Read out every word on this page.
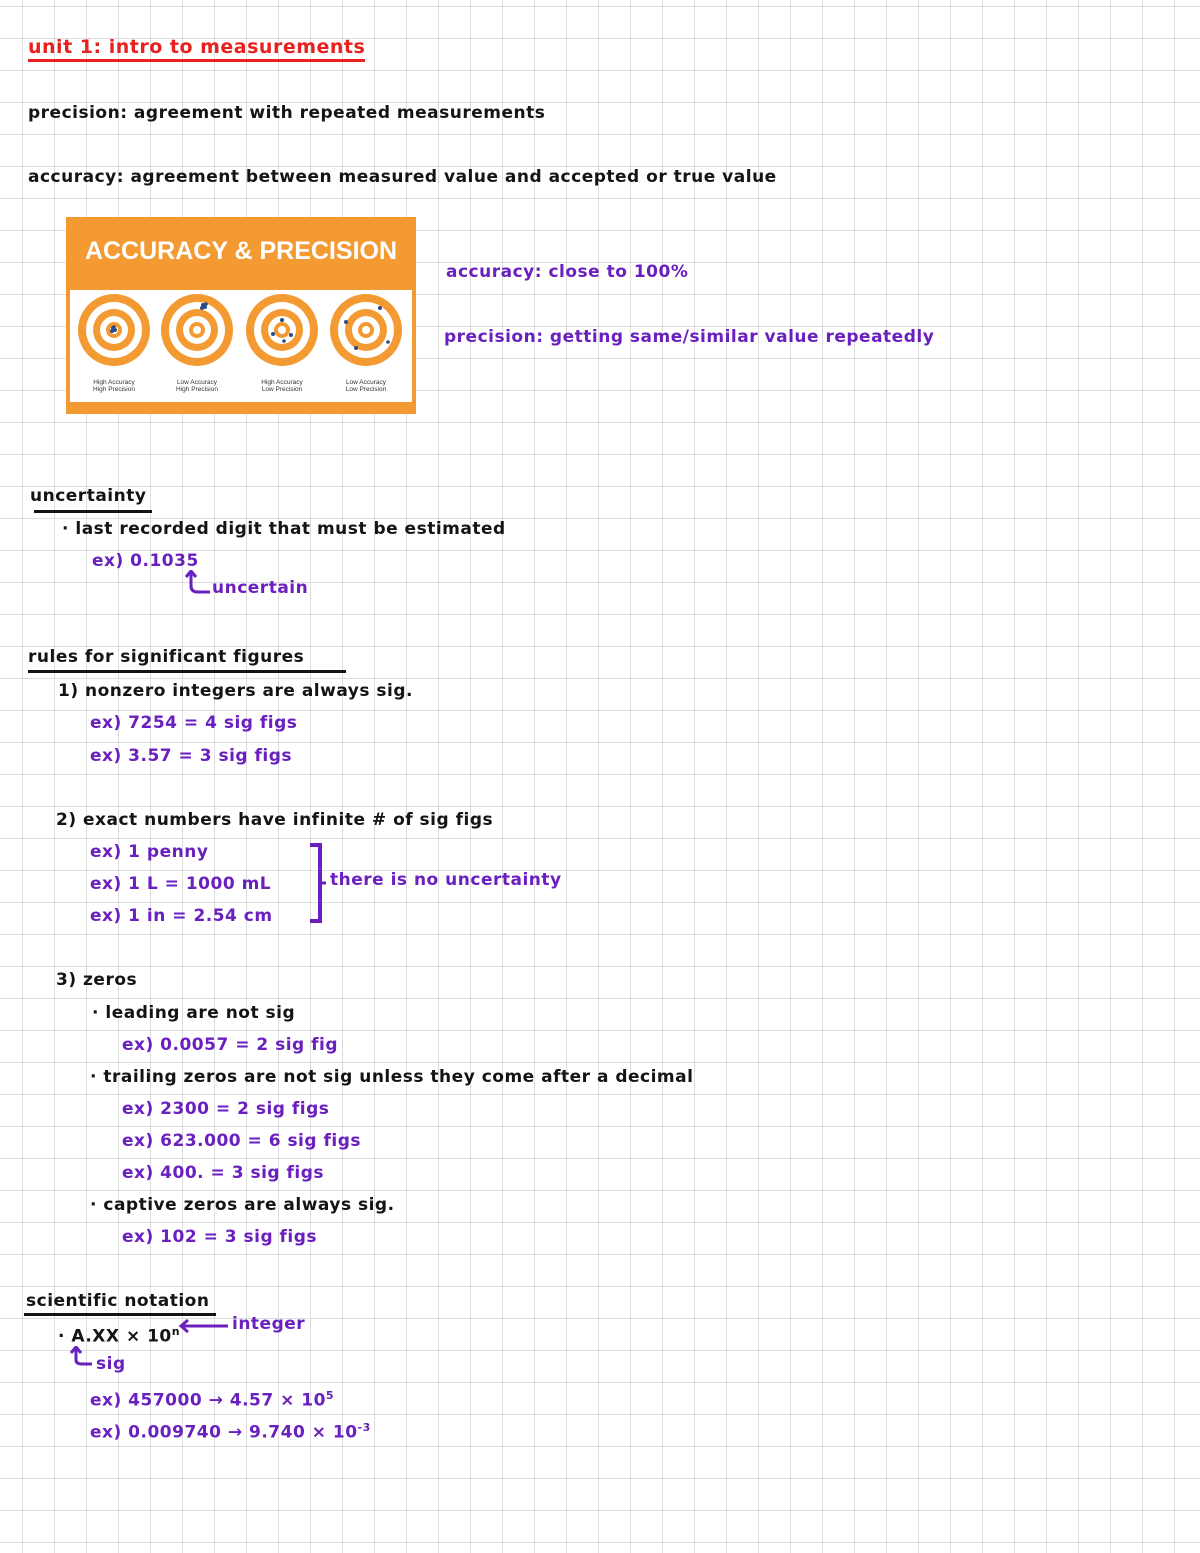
unit 1: intro to measurements
precision: agreement with repeated measurements
accuracy: agreement between measured value and accepted or true value
ACCURACY & PRECISION
High Accuracy
High Precision
Low Accuracy
High Precision
High Accuracy
Low Precision
Low Accuracy
Low Precision
accuracy: close to 100%
precision: getting same/similar value repeatedly
uncertainty
· last recorded digit that must be estimated
ex) 0.1035
uncertain
rules for significant figures
1) nonzero integers are always sig.
ex) 7254 = 4 sig figs
ex) 3.57 = 3 sig figs
2) exact numbers have infinite # of sig figs
ex) 1 penny
ex) 1 L = 1000 mL
ex) 1 in = 2.54 cm
there is no uncertainty
3) zeros
· leading are not sig
ex) 0.0057 = 2 sig fig
· trailing zeros are not sig unless they come after a decimal
ex) 2300 = 2 sig figs
ex) 623.000 = 6 sig figs
ex) 400. = 3 sig figs
· captive zeros are always sig.
ex) 102 = 3 sig figs
scientific notation
· $A.XX \times 10^n$	integer
sig
ex) $457000 \to 4.57 \times 10^5$
ex) $0.009740 \to 9.740 \times 10^{-3}$
